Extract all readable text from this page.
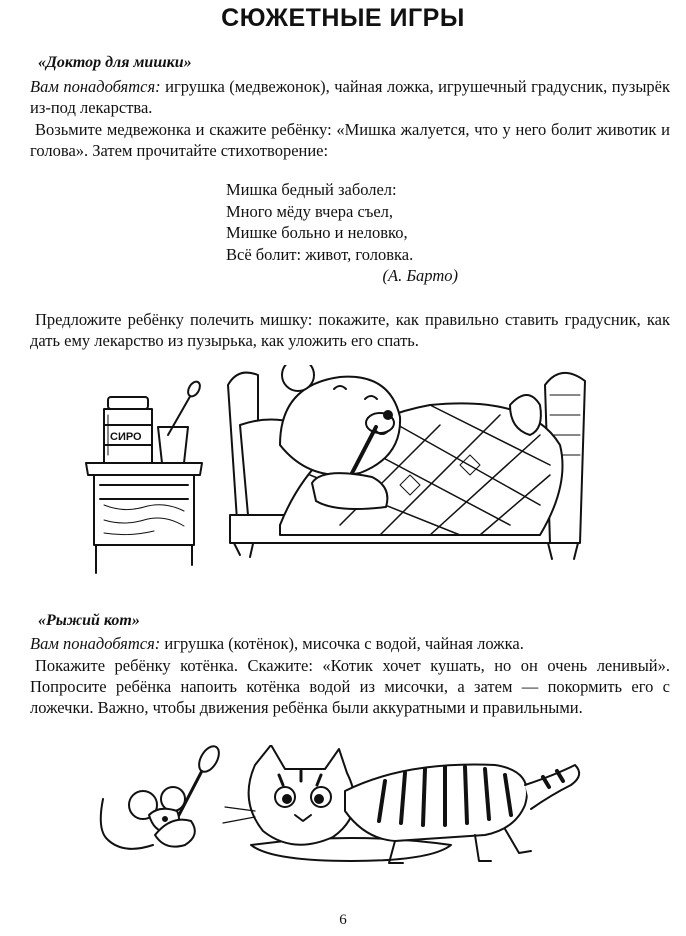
СЮЖЕТНЫЕ ИГРЫ
«Доктор для мишки»
Вам понадобятся: игрушка (медвежонок), чайная ложка, игрушечный градусник, пузырёк из-под лекарства.
Возьмите медвежонка и скажите ребёнку: «Мишка жалуется, что у него болит животик и голова». Затем прочитайте стихотворение:
Мишка бедный заболел:
Много мёду вчера съел,
Мишке больно и неловко,
Всё болит: живот, головка.
(А. Барто)
Предложите ребёнку полечить мишку: покажите, как правильно ставить градусник, как дать ему лекарство из пузырька, как уложить его спать.
СИРО
«Рыжий кот»
Вам понадобятся: игрушка (котёнок), мисочка с водой, чайная ложка.
Покажите ребёнку котёнка. Скажите: «Котик хочет кушать, но он очень ленивый». Попросите ребёнка напоить котёнка водой из мисочки, а затем — покормить его с ложечки. Важно, чтобы движения ребёнка были аккуратными и правильными.
6
